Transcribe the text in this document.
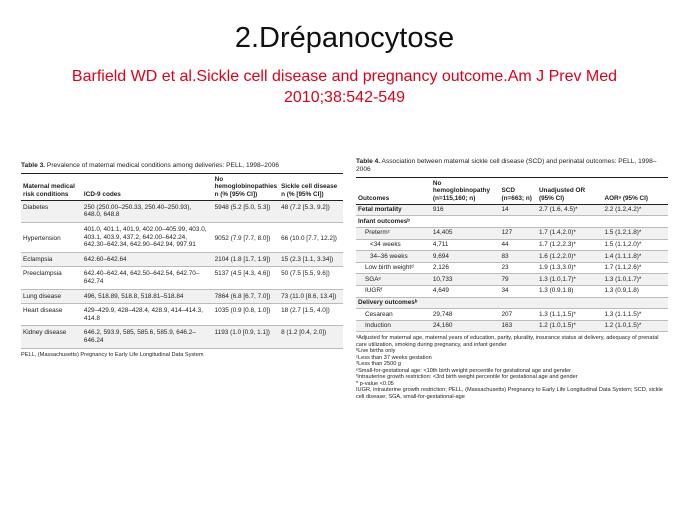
2.Drépanocytose
Barfield WD et al.Sickle cell disease and pregnancy outcome.Am J Prev Med
2010;38:542-549
Table 3. Prevalence of maternal medical conditions among deliveries: PELL, 1998–2006
Maternal medical risk conditions	ICD-9 codes	No hemoglobinopathies n (% [95% CI])	Sickle cell disease n (% [95% CI])
Diabetes	250 (250.00–250.33, 250.40–250.93), 648.0, 648.8	5948 (5.2 [5.0, 5.3])	48 (7.2 [5.3, 9.2])
Hypertension	401.0, 401.1, 401.9, 402.00–405.99, 403.0, 403.1, 403.9, 437.2, 642.00–642.24, 642.30–642.34, 642.90–642.94, 997.91	9052 (7.9 [7.7, 8.0])	66 (10.0 [7.7, 12.2])
Eclampsia	642.60–642.64	2104 (1.8 [1.7, 1.9])	15 (2.3 [1.1, 3.34])
Preeclampsia	642.40–642.44, 642.50–642.54, 642.70–642.74	5137 (4.5 [4.3, 4.6])	50 (7.5 [5.5, 9.6])
Lung disease	496, 518.89, 518.8, 518.81–518.84	7864 (6.8 [6.7, 7.0])	73 (11.0 [8.6, 13.4])
Heart disease	429–429.9, 428–428.4, 428.9, 414–414.3, 414.8	1035 (0.9 [0.8, 1.0])	18 (2.7 [1.5, 4.0])
Kidney disease	646.2, 593.9, 585, 585.6, 585.9, 646.2–646.24	1193 (1.0 [0.9, 1.1])	8 (1.2 [0.4, 2.0])
PELL, (Massachusetts) Pregnancy to Early Life Longitudinal Data System
Table 4. Association between maternal sickle cell disease (SCD) and perinatal outcomes: PELL, 1998–2006
Outcomes	No hemoglobinopathy (n=115,160; n)	SCD (n=663; n)	Unadjusted OR (95% CI)	AORᵃ (95% CI)
Fetal mortality	916	14	2.7 (1.6, 4.5)*	2.2 (1.2,4.2)*
Infant outcomesᵇ				
Pretermᶜ	14,405	127	1.7 (1.4,2.0)*	1.5 (1.2,1.8)*
<34 weeks	4,711	44	1.7 (1.2,2.3)*	1.5 (1.1,2.0)*
34–36 weeks	9,694	83	1.6 (1.2,2.0)*	1.4 (1.1,1.8)*
Low birth weightᵈ	2,126	23	1.9 (1.3,3.0)*	1.7 (1.1,2.6)*
SGAᵉ	10,733	79	1.3 (1.0,1.7)*	1.3 (1.0,1.7)*
IUGRᶠ	4,649	34	1.3 (0.9,1.8)	1.3 (0.9,1.8)
Delivery outcomesᵇ				
Cesarean	29,748	207	1.3 (1.1,1.5)*	1.3 (1.1,1.5)*
Induction	24,160	163	1.2 (1.0,1.5)*	1.2 (1.0,1.5)*
ᵃAdjusted for maternal age, maternal years of education, parity, plurality, insurance status at delivery, adequacy of prenatal care utilization, smoking during pregnancy, and infant gender
ᵇLive births only
ᶜLess than 37 weeks gestation
ᵈLess than 2500 g
ᵉSmall-for-gestational age: <10th birth weight percentile for gestational age and gender
ᶠIntrauterine growth restriction: <3rd birth weight percentile for gestational age and gender
* p-value <0.05
IUGR, intrauterine growth restriction; PELL, (Massachusetts) Pregnancy to Early Life Longitudinal Data System; SCD, sickle cell disease; SGA, small-for-gestational-age
